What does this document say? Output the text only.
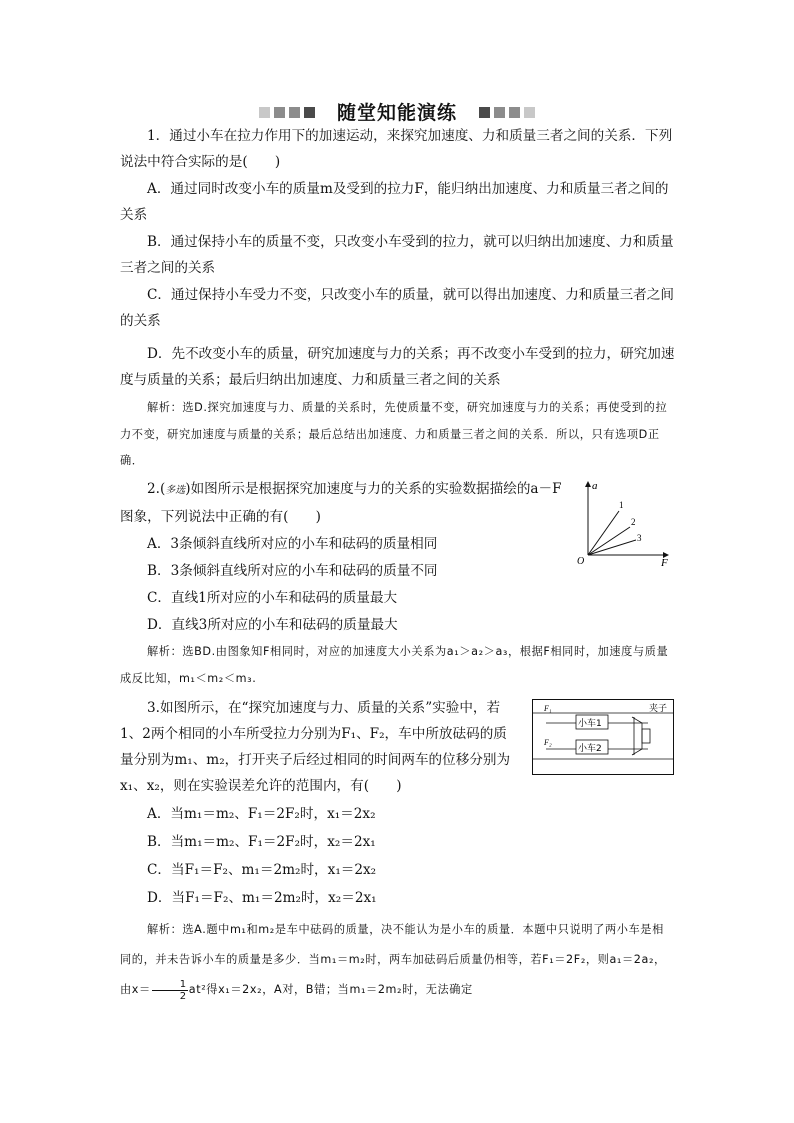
随堂知能演练

1．通过小车在拉力作用下的加速运动，来探究加速度、力和质量三者之间的关系．下列说法中符合实际的是(　　)

A．通过同时改变小车的质量m及受到的拉力F，能归纳出加速度、力和质量三者之间的关系

B．通过保持小车的质量不变，只改变小车受到的拉力，就可以归纳出加速度、力和质量三者之间的关系

C．通过保持小车受力不变，只改变小车的质量，就可以得出加速度、力和质量三者之间的关系

D．先不改变小车的质量，研究加速度与力的关系；再不改变小车受到的拉力，研究加速度与质量的关系；最后归纳出加速度、力和质量三者之间的关系

解析：选D.探究加速度与力、质量的关系时，先使质量不变，研究加速度与力的关系；再使受到的拉力不变，研究加速度与质量的关系；最后总结出加速度、力和质量三者之间的关系．所以，只有选项D正确．

2.(多选)如图所示是根据探究加速度与力的关系的实验数据描绘的a－F图象，下列说法中正确的有(　　)

A．3条倾斜直线所对应的小车和砝码的质量相同

B．3条倾斜直线所对应的小车和砝码的质量不同

C．直线1所对应的小车和砝码的质量最大

D．直线3所对应的小车和砝码的质量最大

解析：选BD.由图象知F相同时，对应的加速度大小关系为a₁＞a₂＞a₃，根据F相同时，加速度与质量成反比知，m₁＜m₂＜m₃.

a
F
O
1
2
3

3.如图所示，在“探究加速度与力、质量的关系”实验中，若1、2两个相同的小车所受拉力分别为F₁、F₂，车中所放砝码的质量分别为m₁、m₂，打开夹子后经过相同的时间两车的位移分别为x₁、x₂，则在实验误差允许的范围内，有(　　)

A．当m₁＝m₂、F₁＝2F₂时，x₁＝2x₂

B．当m₁＝m₂、F₁＝2F₂时，x₂＝2x₁

C．当F₁＝F₂、m₁＝2m₂时，x₁＝2x₂

D．当F₁＝F₂、m₁＝2m₂时，x₂＝2x₁

解析：选A.题中m₁和m₂是车中砝码的质量，决不能认为是小车的质量．本题中只说明了两小车是相同的，并未告诉小车的质量是多少．当m₁＝m₂时，两车加砝码后质量仍相等，若F₁＝2F₂，则a₁＝2a₂，由$x= \frac{1}{2} at^2$得x₁＝2x₂，A对，B错；当m₁＝2m₂时，无法确定

F₁
F₂
小车1
小车2
夹子
